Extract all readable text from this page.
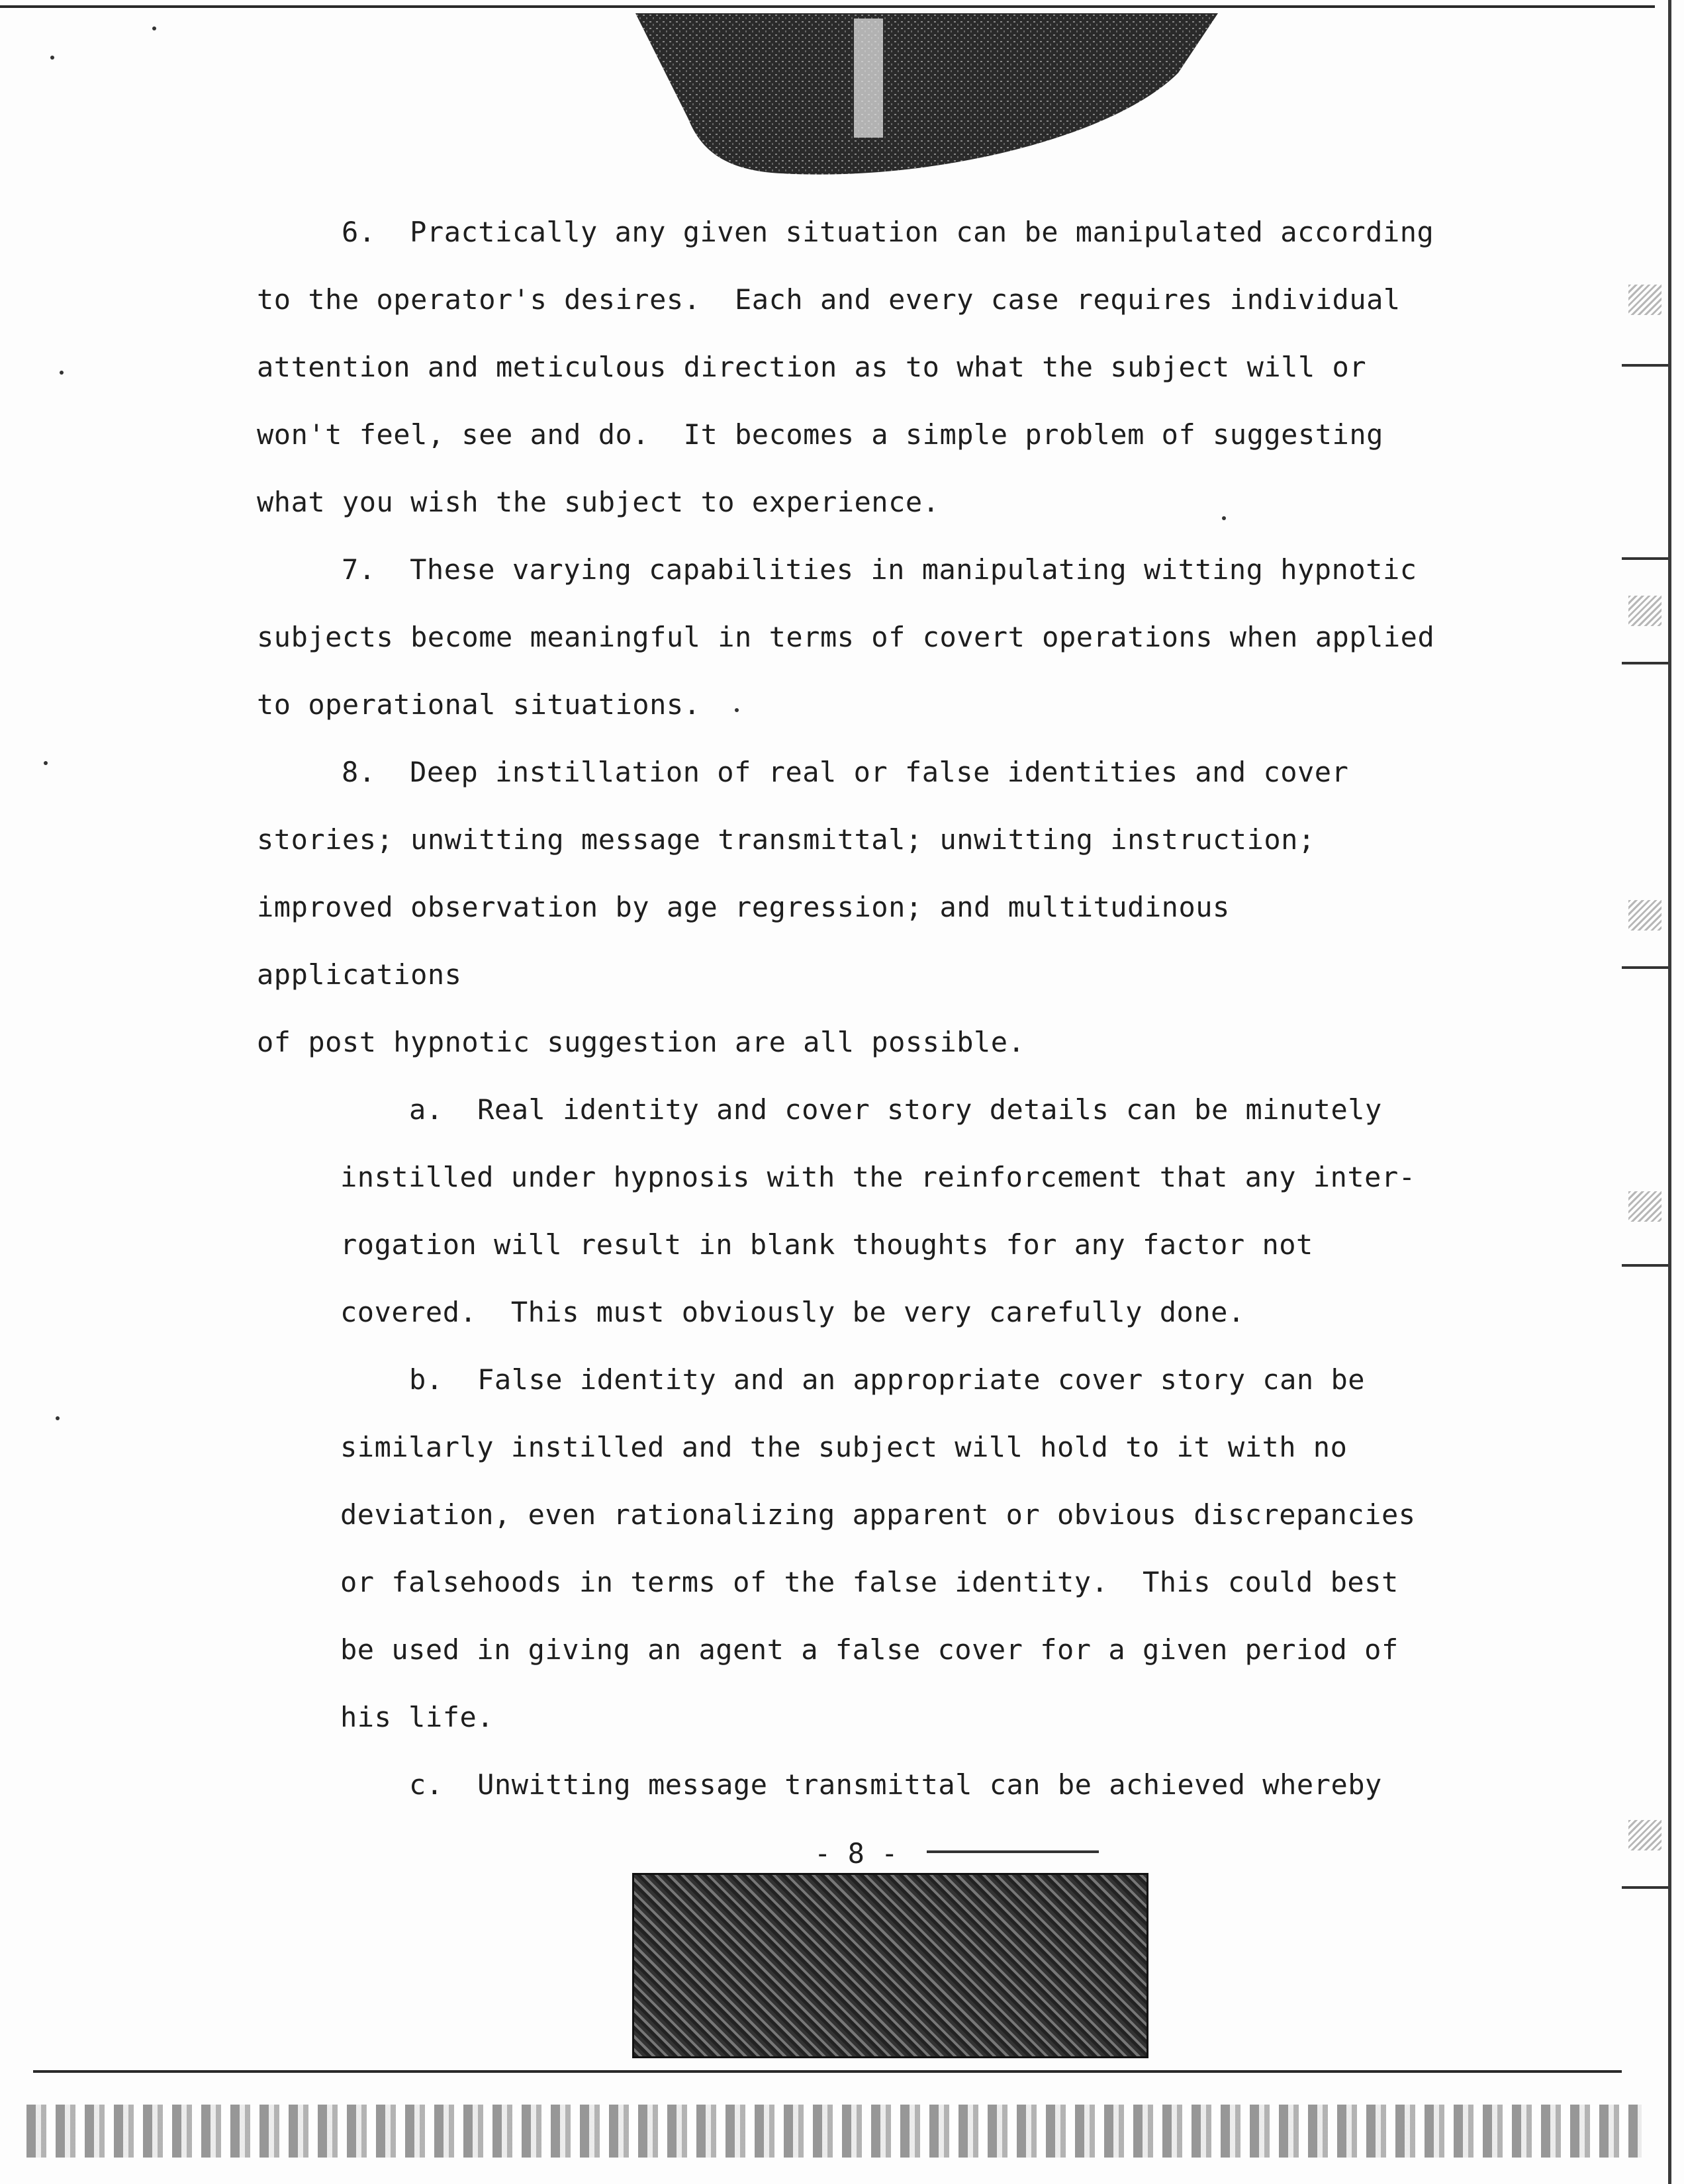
6.  Practically any given situation can be manipulated according

to the operator's desires.  Each and every case requires individual

attention and meticulous direction as to what the subject will or

won't feel, see and do.  It becomes a simple problem of suggesting

what you wish the subject to experience.

7.  These varying capabilities in manipulating witting hypnotic

subjects become meaningful in terms of covert operations when applied

to operational situations.

8.  Deep instillation of real or false identities and cover

stories; unwitting message transmittal; unwitting instruction;

improved observation by age regression; and multitudinous applications

of post hypnotic suggestion are all possible.

a.  Real identity and cover story details can be minutely

instilled under hypnosis with the reinforcement that any inter-

rogation will result in blank thoughts for any factor not

covered.  This must obviously be very carefully done.

b.  False identity and an appropriate cover story can be

similarly instilled and the subject will hold to it with no

deviation, even rationalizing apparent or obvious discrepancies

or falsehoods in terms of the false identity.  This could best

be used in giving an agent a false cover for a given period of

his life.

c.  Unwitting message transmittal can be achieved whereby

- 8 -
